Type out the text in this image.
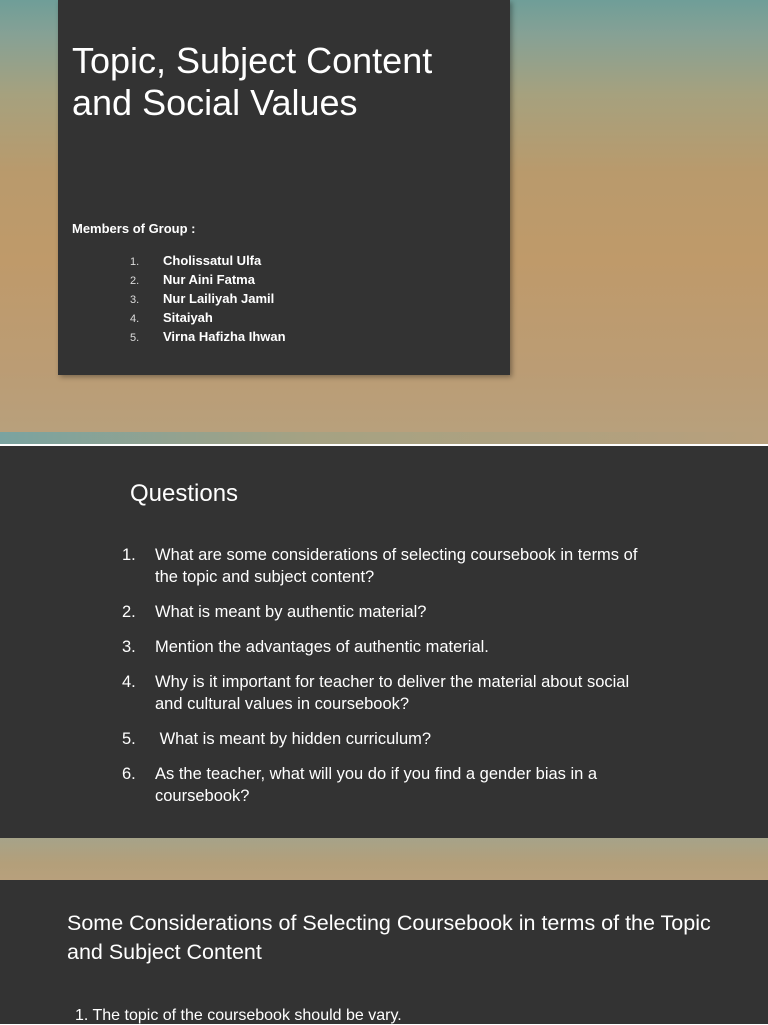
Topic, Subject Content and Social Values
Members of Group :
1.	Cholissatul Ulfa
2.	Nur Aini Fatma
3.	Nur Lailiyah Jamil
4.	Sitaiyah
5.	Virna Hafizha Ihwan
Questions
1.	What are some considerations of selecting coursebook in terms of the topic and subject content?
2.	What is meant by authentic material?
3.	Mention the advantages of authentic material.
4.	Why is it important for teacher to deliver the material about social and cultural values in coursebook?
5.	What is meant by hidden curriculum?
6.	As the teacher, what will you do if you find a gender bias in a coursebook?
Some Considerations of Selecting Coursebook in terms of the Topic and Subject Content
1. The topic of the coursebook should be vary.
